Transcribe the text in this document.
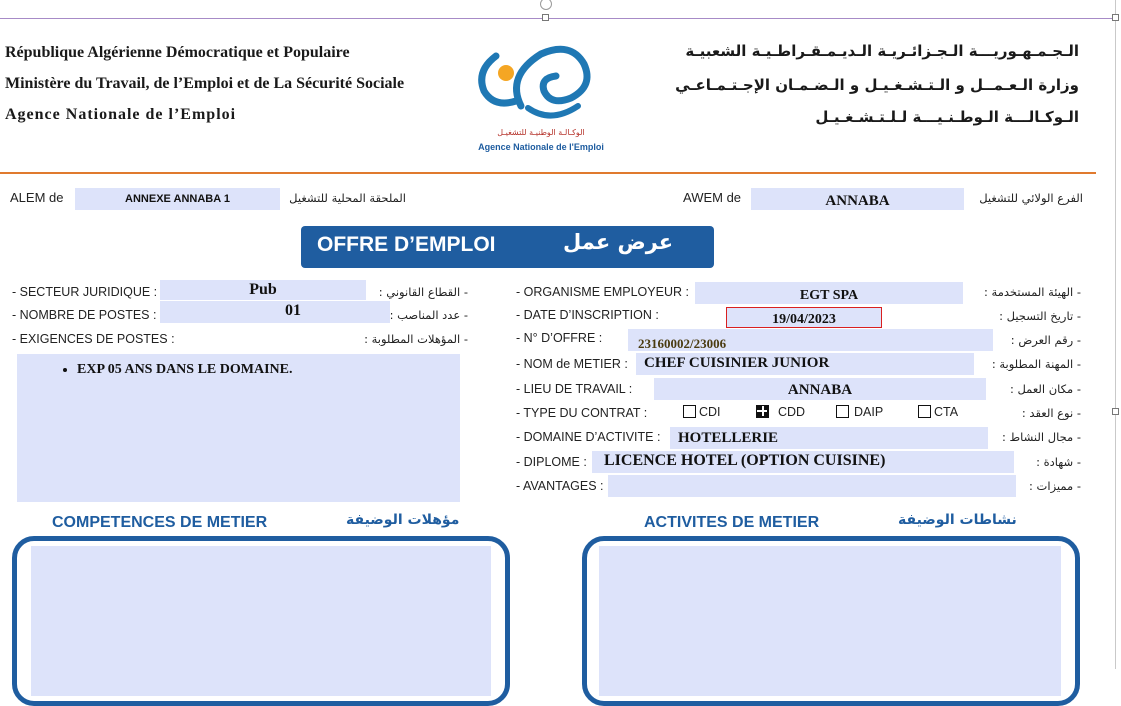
République Algérienne Démocratique et Populaire
Ministère du Travail, de l’Emploi et de La Sécurité Sociale
Agence Nationale de l’Emploi
الوكـالـة الوطنيـة للتشغيـل
Agence Nationale de l'Emploi
الـجـمـهـوريـــة الـجـزائـريـة الـديـمـقـراطـيـة الشعبيـة
وزارة الـعـمــل و الـتـشـغـيـل و الـضـمـان الإجـتـمـاعـي
الـوكـالـــة الـوطـنـيـــة لـلـتـشـغـيـل
ALEM de	ANNEXE ANNABA 1	الملحقة المحلية للتشغيل	AWEM de	ANNABA	الفرع الولائي للتشغيل
OFFRE D’EMPLOI	عرض عمل
- SECTEUR JURIDIQUE :	Pub	- القطاع القانوني :
- NOMBRE DE POSTES :	01	- عدد المناصب :
- EXIGENCES DE POSTES :	- المؤهلات المطلوبة :
• EXP 05 ANS DANS LE DOMAINE.
- ORGANISME EMPLOYEUR :	EGT SPA	- الهيئة المستخدمة :
- DATE D’INSCRIPTION :	19/04/2023	- تاريخ التسجيل :
- N° D’OFFRE :	23160002/23006	- رقم العرض :
- NOM de METIER : CHEF CUISINIER JUNIOR	- المهنة المطلوبة :
- LIEU DE TRAVAIL :	ANNABA	- مكان العمل :
- TYPE DU CONTRAT :	CDI	CDD	DAIP	CTA	- نوع العقد :
- DOMAINE D’ACTIVITE : HOTELLERIE	- مجال النشاط :
- DIPLOME : LICENCE HOTEL (OPTION CUISINE)	- شهادة :
- AVANTAGES :	- مميزات :
COMPETENCES DE METIER	مؤهلات الوضيفة	ACTIVITES DE METIER	نشاطات الوضيفة
